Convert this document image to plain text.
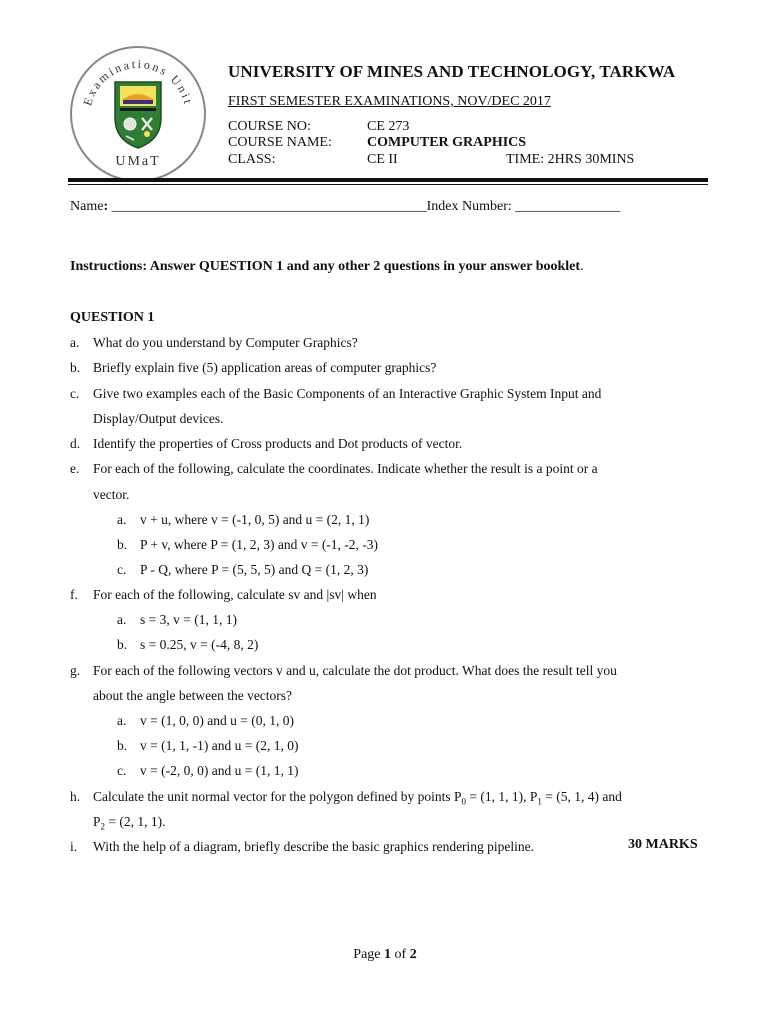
Examinations Unit
UMaT
UNIVERSITY OF MINES AND TECHNOLOGY, TARKWA
FIRST SEMESTER EXAMINATIONS, NOV/DEC 2017
COURSE NO:	CE 273
COURSE NAME:	COMPUTER GRAPHICS
CLASS:	CE II	TIME: 2HRS 30MINS
Name: _____________________________________________Index Number: _______________
Instructions: Answer QUESTION 1 and any other 2 questions in your answer booklet.
QUESTION 1
a. What do you understand by Computer Graphics?
b. Briefly explain five (5) application areas of computer graphics?
c. Give two examples each of the Basic Components of an Interactive Graphic System Input and
Display/Output devices.
d. Identify the properties of Cross products and Dot products of vector.
e. For each of the following, calculate the coordinates. Indicate whether the result is a point or a
vector.
a. v + u, where v = (-1, 0, 5) and u = (2, 1, 1)
b. P + v, where P = (1, 2, 3) and v = (-1, -2, -3)
c. P - Q, where P = (5, 5, 5) and Q = (1, 2, 3)
f. For each of the following, calculate sv and |sv| when
a. s = 3, v = (1, 1, 1)
b. s = 0.25, v = (-4, 8, 2)
g. For each of the following vectors v and u, calculate the dot product. What does the result tell you
about the angle between the vectors?
a. v = (1, 0, 0) and u = (0, 1, 0)
b. v = (1, 1, -1) and u = (2, 1, 0)
c. v = (-2, 0, 0) and u = (1, 1, 1)
h. Calculate the unit normal vector for the polygon defined by points $P_0 = (1$, 1, 1), $P_1 = (5$, 1, 4) and
$P_2 = (2$, 1, 1).
i. With the help of a diagram, briefly describe the basic graphics rendering pipeline.	30 MARKS
Page 1 of 2
